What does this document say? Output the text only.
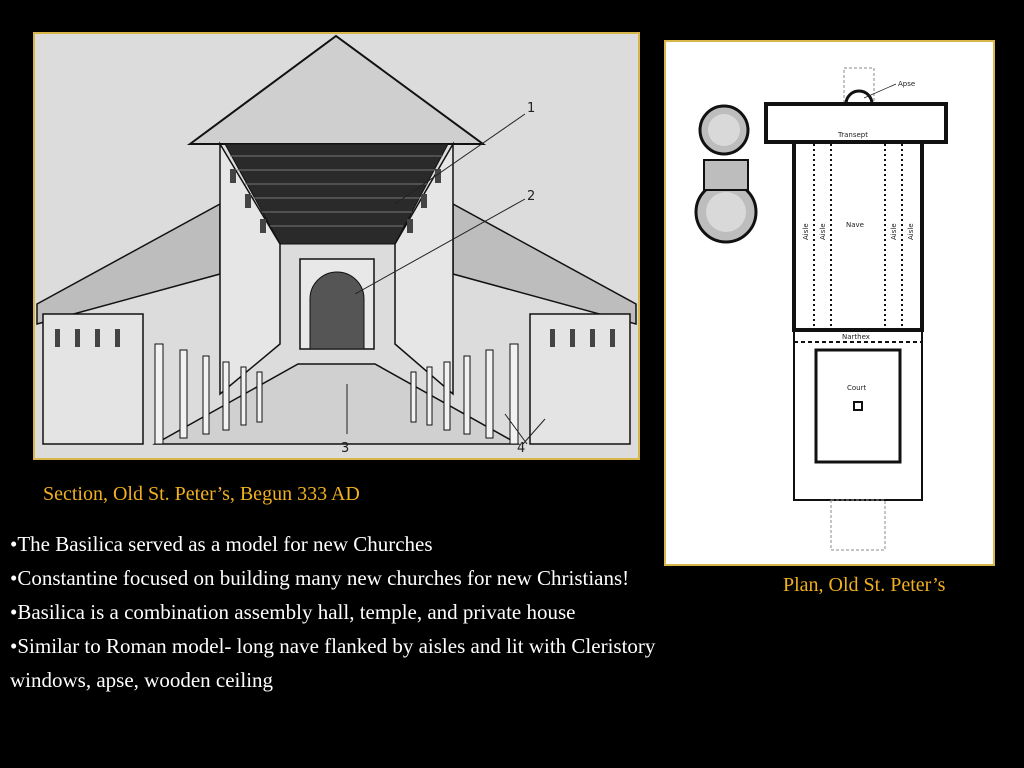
1
2
3	4
Apse
Transept
Nave
Aisle Aisle	Aisle Aisle
Narthex
Court
Section, Old St. Peter’s, Begun 333 AD
Plan, Old St. Peter’s
•The Basilica served as a model for new Churches
•Constantine focused on building many new churches for new Christians!
•Basilica is a combination assembly hall, temple, and private house
•Similar to Roman model- long nave flanked by aisles and lit with Cleristory windows, apse, wooden ceiling
